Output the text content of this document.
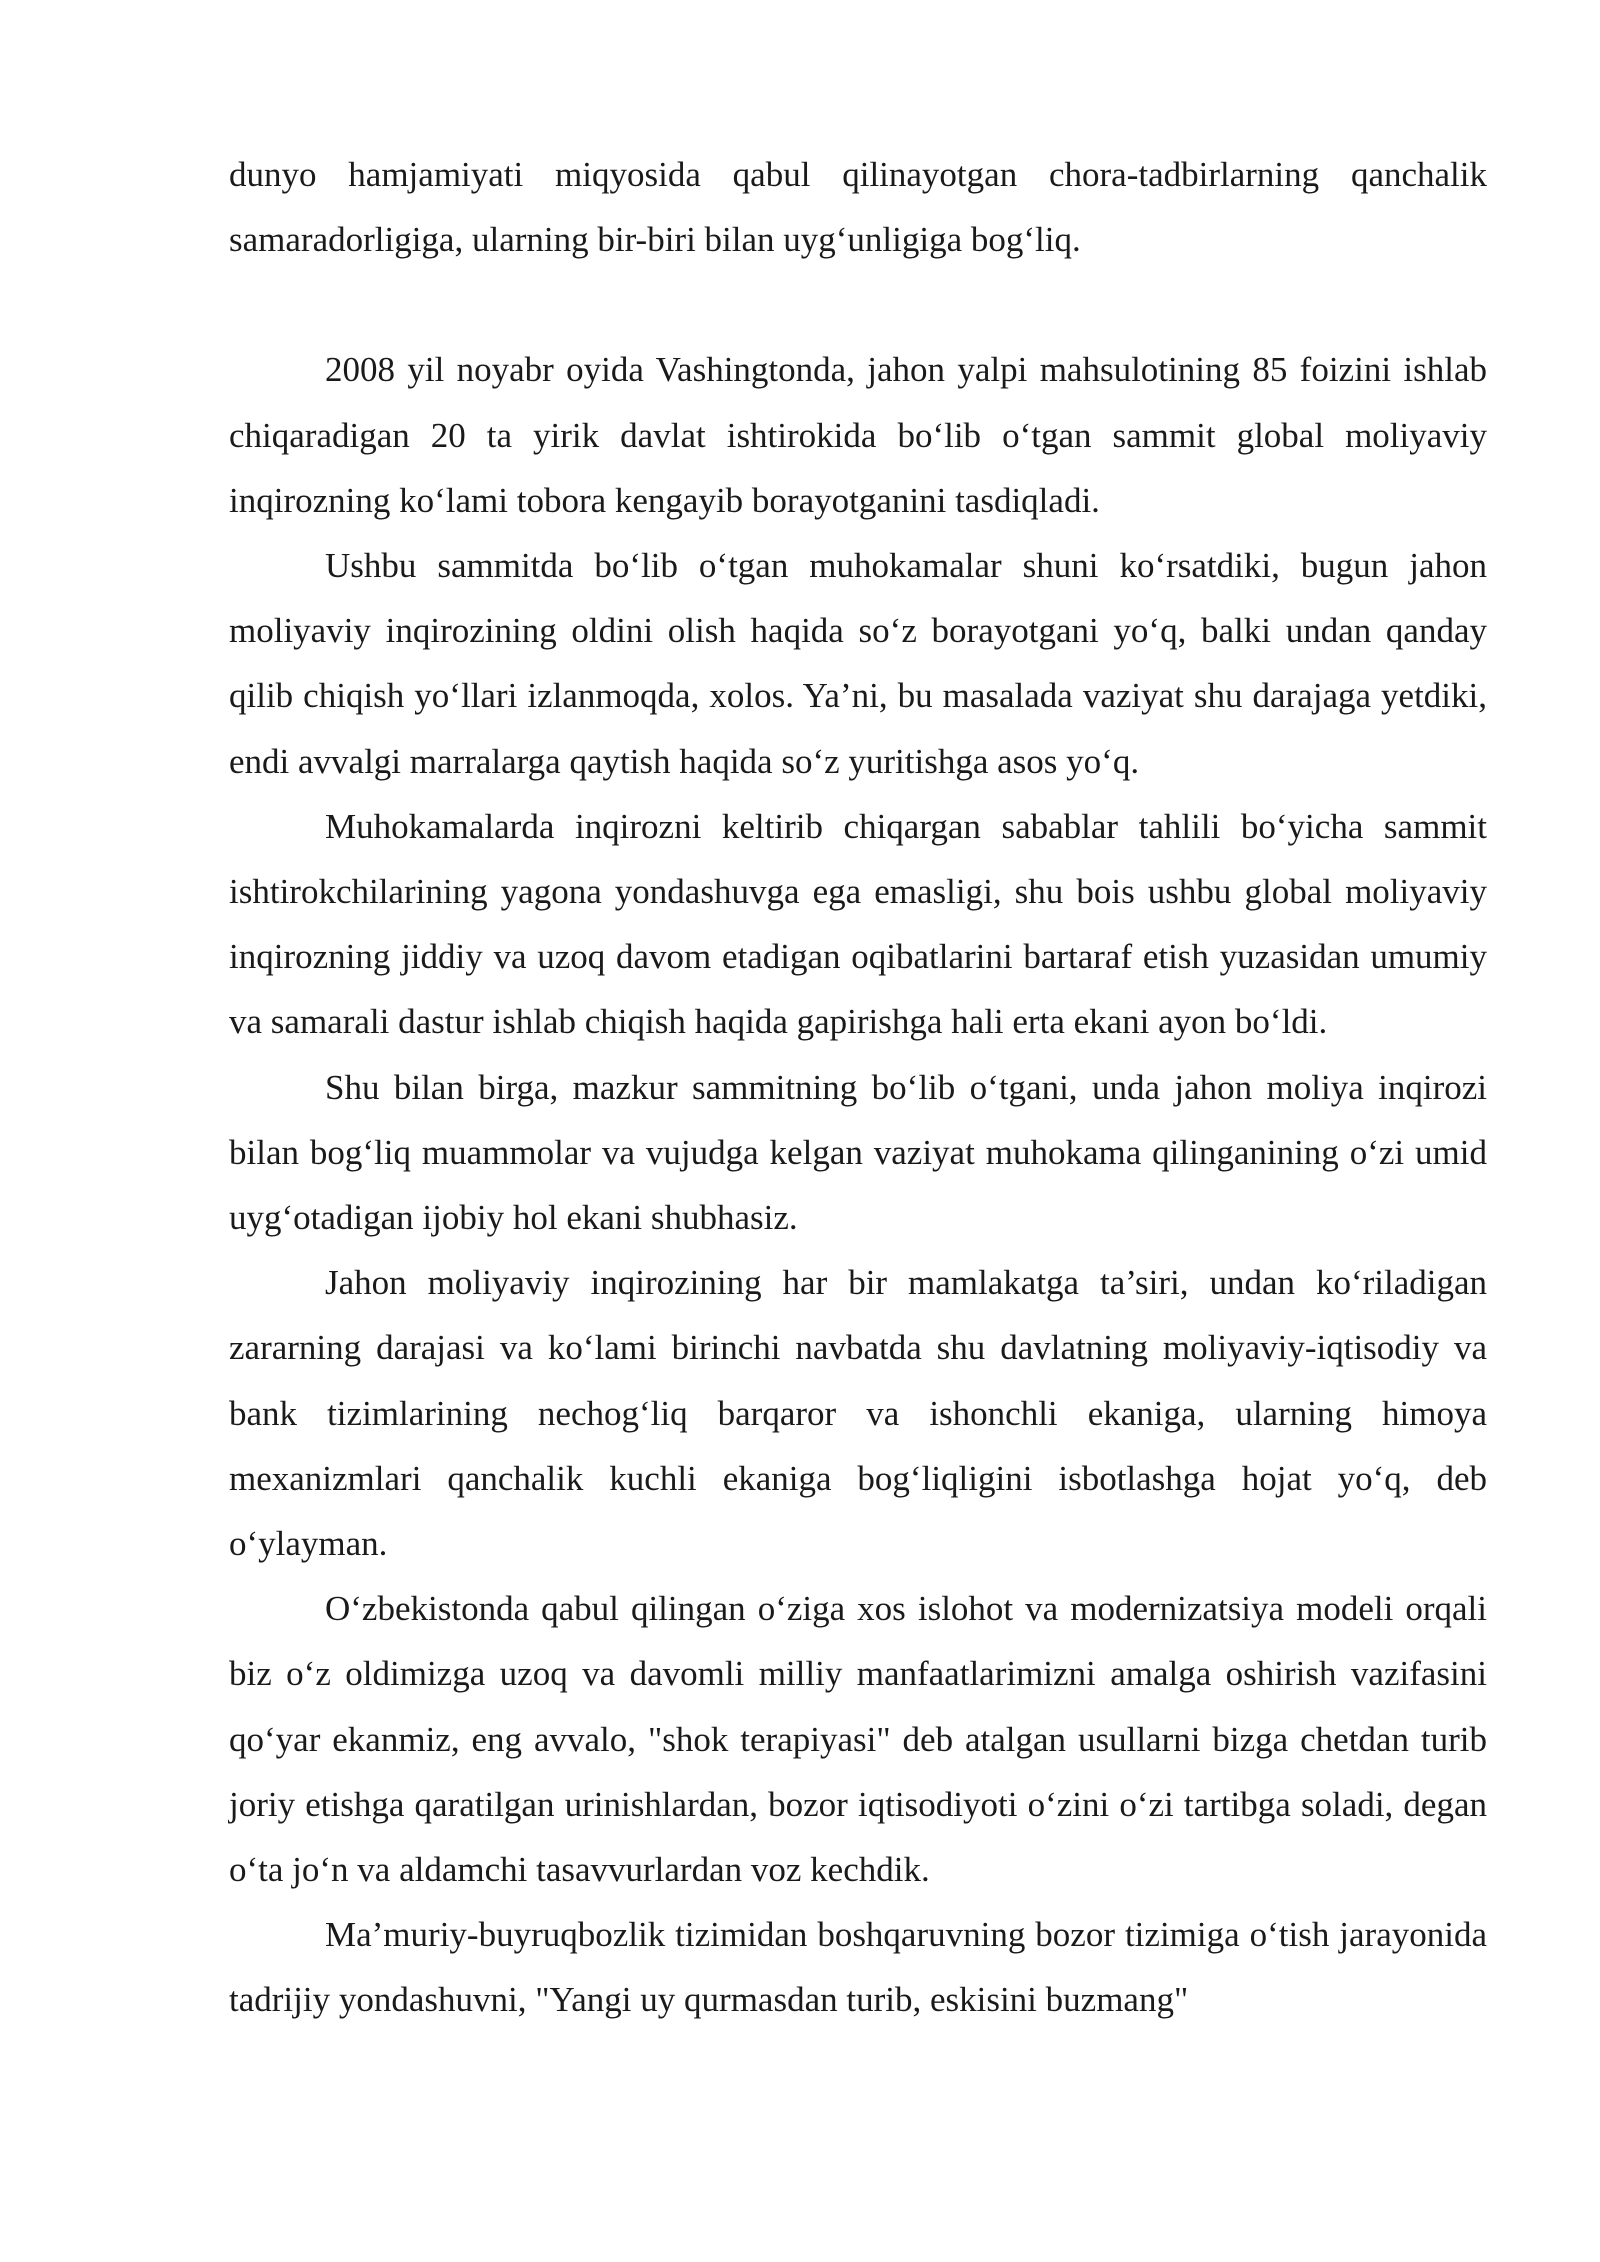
dunyo hamjamiyati miqyosida qabul qilinayotgan chora-tadbirlarning qanchalik samaradorligiga, ularning bir-biri bilan uyg‘unligiga bog‘liq.

2008 yil noyabr oyida Vashingtonda, jahon yalpi mahsulotining 85 foizini ishlab chiqaradigan 20 ta yirik davlat ishtirokida bo‘lib o‘tgan sammit global moliyaviy inqirozning ko‘lami tobora kengayib borayotganini tasdiqladi.

Ushbu sammitda bo‘lib o‘tgan muhokamalar shuni ko‘rsatdiki, bugun jahon moliyaviy inqirozining oldini olish haqida so‘z borayotgani yo‘q, balki undan qanday qilib chiqish yo‘llari izlanmoqda, xolos. Ya’ni, bu masalada vaziyat shu darajaga yetdiki, endi avvalgi marralarga qaytish haqida so‘z yuritishga asos yo‘q.

Muhokamalarda inqirozni keltirib chiqargan sabablar tahlili bo‘yicha sammit ishtirokchilarining yagona yondashuvga ega emasligi, shu bois ushbu global moliyaviy inqirozning jiddiy va uzoq davom etadigan oqibatlarini bartaraf etish yuzasidan umumiy va samarali dastur ishlab chiqish haqida gapirishga hali erta ekani ayon bo‘ldi.

Shu bilan birga, mazkur sammitning bo‘lib o‘tgani, unda jahon moliya inqirozi bilan bog‘liq muammolar va vujudga kelgan vaziyat muhokama qilinganining o‘zi umid uyg‘otadigan ijobiy hol ekani shubhasiz.

Jahon moliyaviy inqirozining har bir mamlakatga ta’siri, undan ko‘riladigan zararning darajasi va ko‘lami birinchi navbatda shu davlatning moliyaviy-iqtisodiy va bank tizimlarining nechog‘liq barqaror va ishonchli ekaniga, ularning himoya mexanizmlari qanchalik kuchli ekaniga bog‘liqligini isbotlashga hojat yo‘q, deb o‘ylayman.

O‘zbekistonda qabul qilingan o‘ziga xos islohot va modernizatsiya modeli orqali biz o‘z oldimizga uzoq va davomli milliy manfaatlarimizni amalga oshirish vazifasini qo‘yar ekanmiz, eng avvalo, "shok terapiyasi" deb atalgan usullarni bizga chetdan turib joriy etishga qaratilgan urinishlardan, bozor iqtisodiyoti o‘zini o‘zi tartibga soladi, degan o‘ta jo‘n va aldamchi tasavvurlardan voz kechdik.

Ma’muriy-buyruqbozlik tizimidan boshqaruvning bozor tizimiga o‘tish jarayonida tadrijiy yondashuvni, "Yangi uy qurmasdan turib, eskisini buzmang"
